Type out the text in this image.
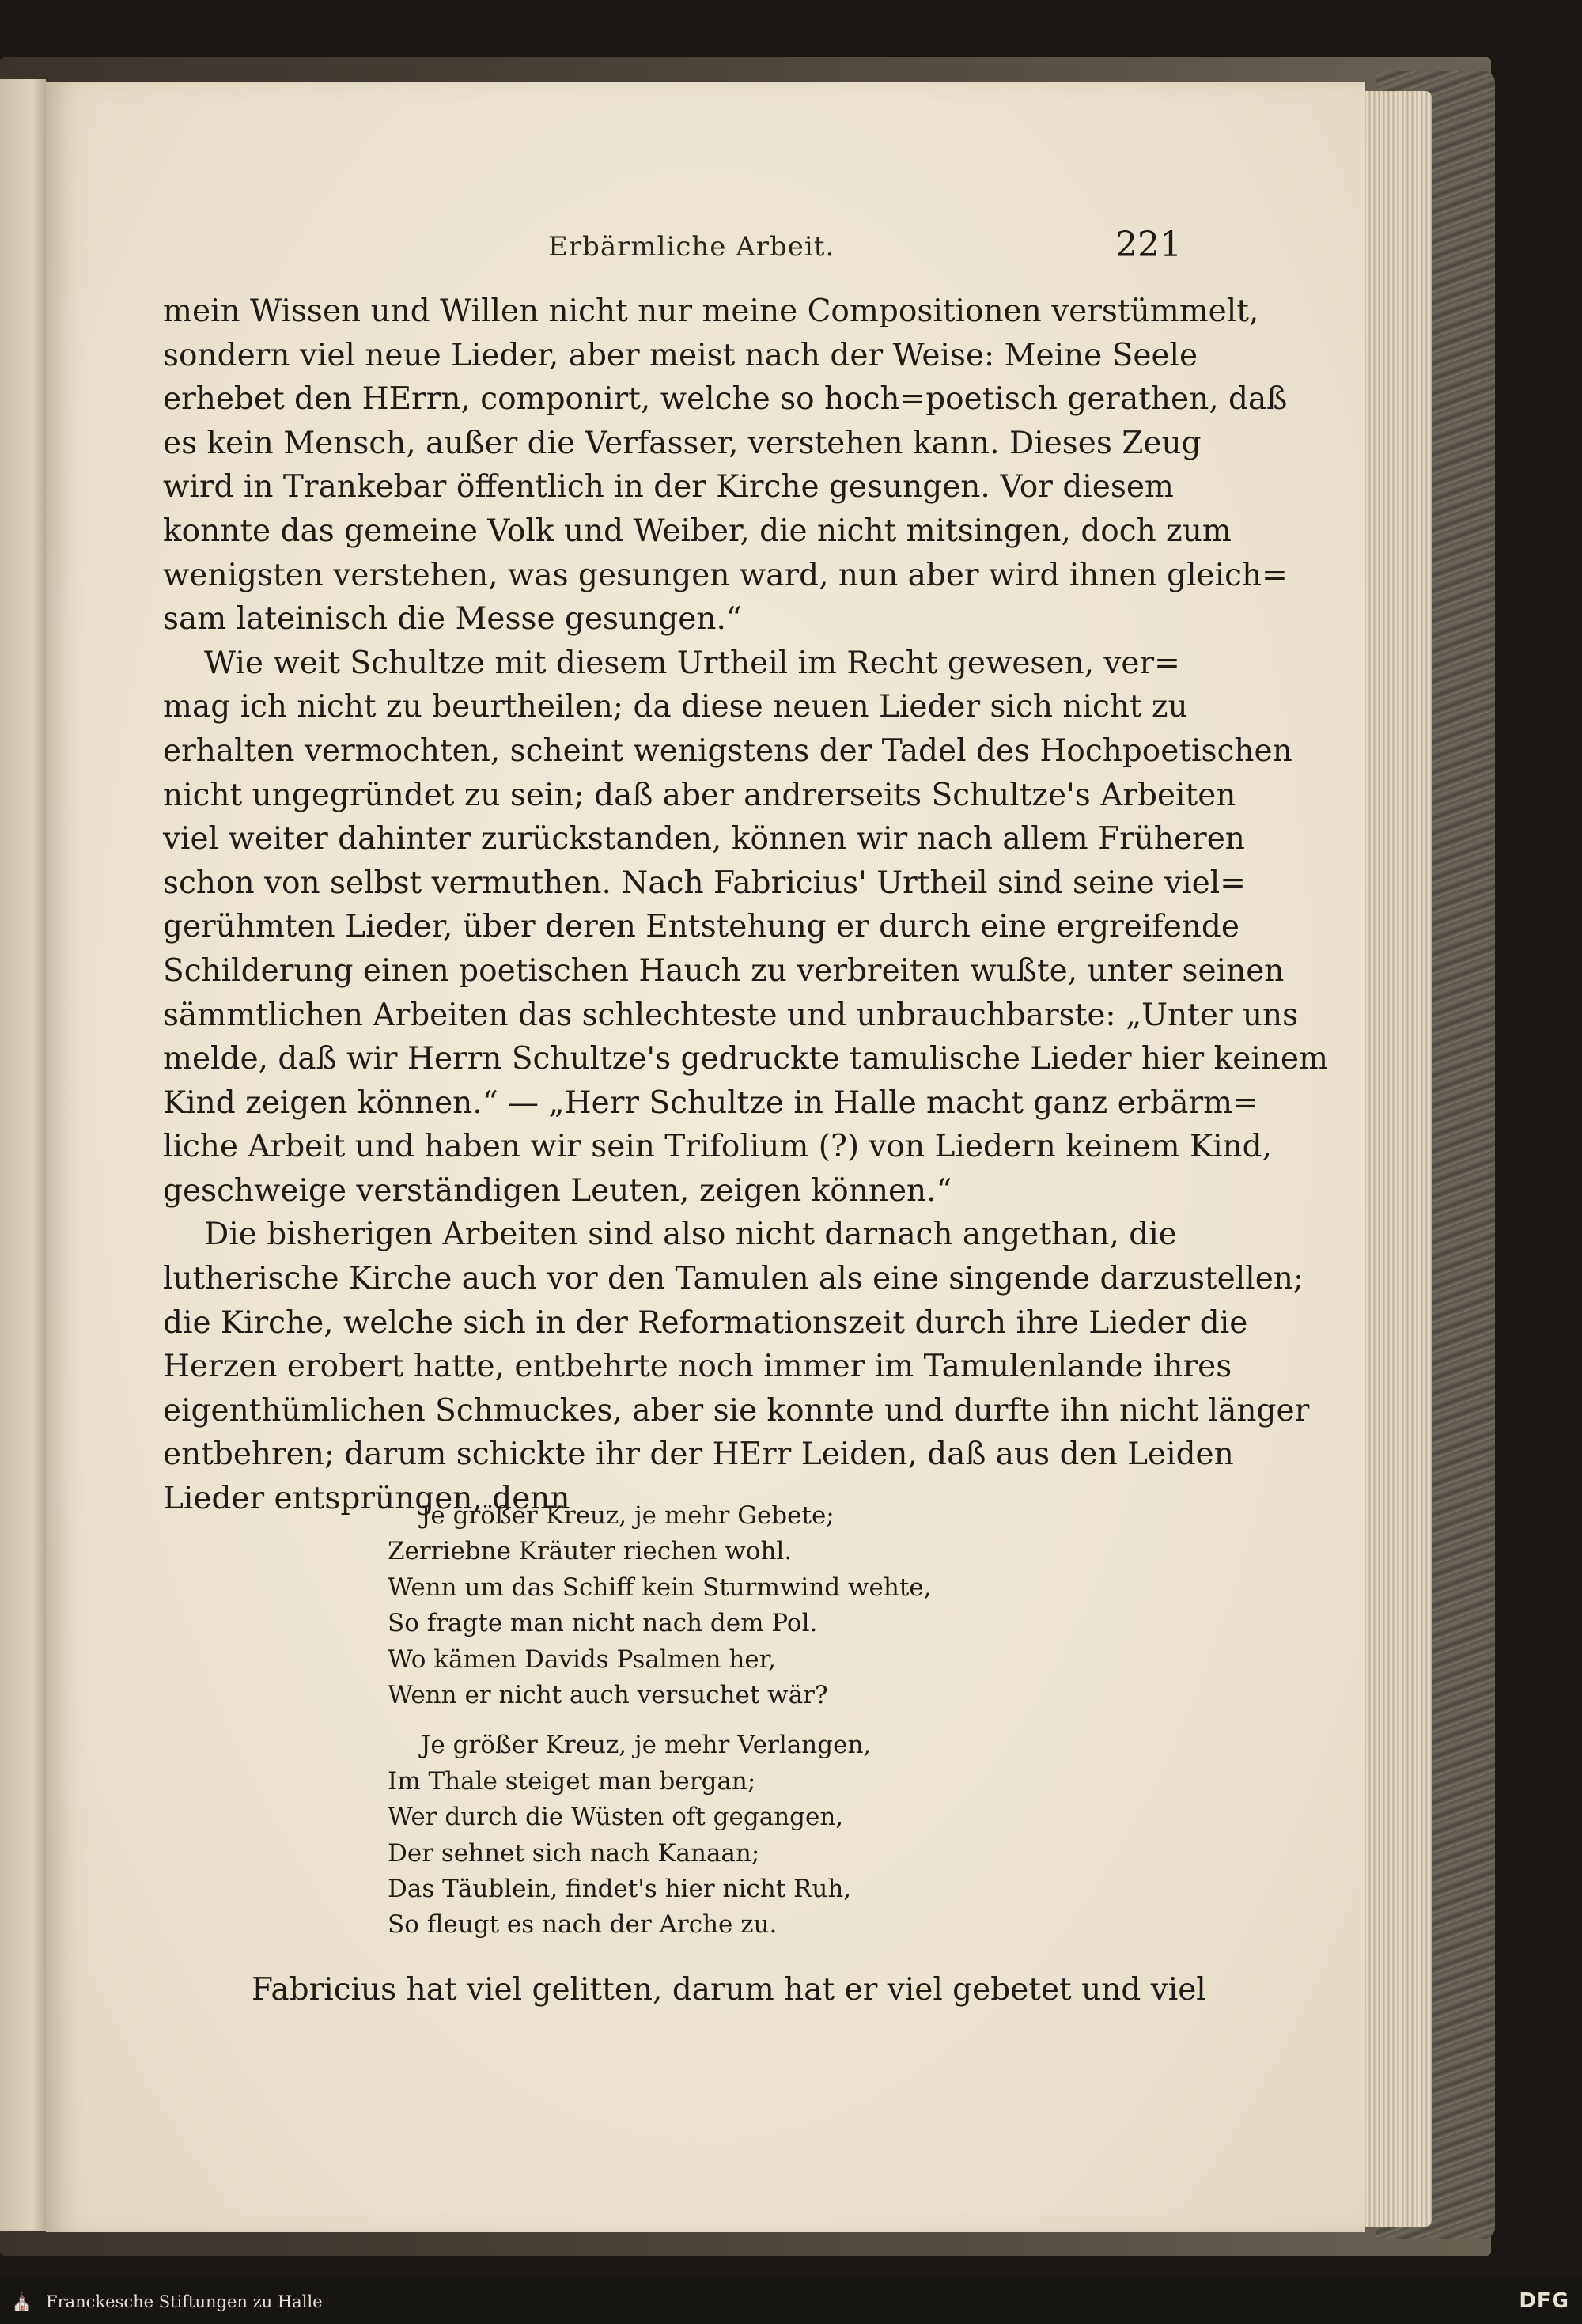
Erbärmliche Arbeit.	221
mein Wissen und Willen nicht nur meine Compositionen verstümmelt,
sondern viel neue Lieder, aber meist nach der Weise: Meine Seele
erhebet den HErrn, componirt, welche so hoch=poetisch gerathen, daß
es kein Mensch, außer die Verfasser, verstehen kann. Dieses Zeug
wird in Trankebar öffentlich in der Kirche gesungen. Vor diesem
konnte das gemeine Volk und Weiber, die nicht mitsingen, doch zum
wenigsten verstehen, was gesungen ward, nun aber wird ihnen gleich=
sam lateinisch die Messe gesungen.“
Wie weit Schultze mit diesem Urtheil im Recht gewesen, ver=
mag ich nicht zu beurtheilen; da diese neuen Lieder sich nicht zu
erhalten vermochten, scheint wenigstens der Tadel des Hochpoetischen
nicht ungegründet zu sein; daß aber andrerseits Schultze's Arbeiten
viel weiter dahinter zurückstanden, können wir nach allem Früheren
schon von selbst vermuthen. Nach Fabricius' Urtheil sind seine viel=
gerühmten Lieder, über deren Entstehung er durch eine ergreifende
Schilderung einen poetischen Hauch zu verbreiten wußte, unter seinen
sämmtlichen Arbeiten das schlechteste und unbrauchbarste: „Unter uns
melde, daß wir Herrn Schultze's gedruckte tamulische Lieder hier keinem
Kind zeigen können.“ — „Herr Schultze in Halle macht ganz erbärm=
liche Arbeit und haben wir sein Trifolium (?) von Liedern keinem Kind,
geschweige verständigen Leuten, zeigen können.“
Die bisherigen Arbeiten sind also nicht darnach angethan, die
lutherische Kirche auch vor den Tamulen als eine singende darzustellen;
die Kirche, welche sich in der Reformationszeit durch ihre Lieder die
Herzen erobert hatte, entbehrte noch immer im Tamulenlande ihres
eigenthümlichen Schmuckes, aber sie konnte und durfte ihn nicht länger
entbehren; darum schickte ihr der HErr Leiden, daß aus den Leiden
Lieder entsprüngen, denn
Je größer Kreuz, je mehr Gebete;
Zerriebne Kräuter riechen wohl.
Wenn um das Schiff kein Sturmwind wehte,
So fragte man nicht nach dem Pol.
Wo kämen Davids Psalmen her,
Wenn er nicht auch versuchet wär?
Je größer Kreuz, je mehr Verlangen,
Im Thale steiget man bergan;
Wer durch die Wüsten oft gegangen,
Der sehnet sich nach Kanaan;
Das Täublein, findet's hier nicht Ruh,
So fleugt es nach der Arche zu.
Fabricius hat viel gelitten, darum hat er viel gebetet und viel
⛪ Franckesche Stiftungen zu Halle	DFG
